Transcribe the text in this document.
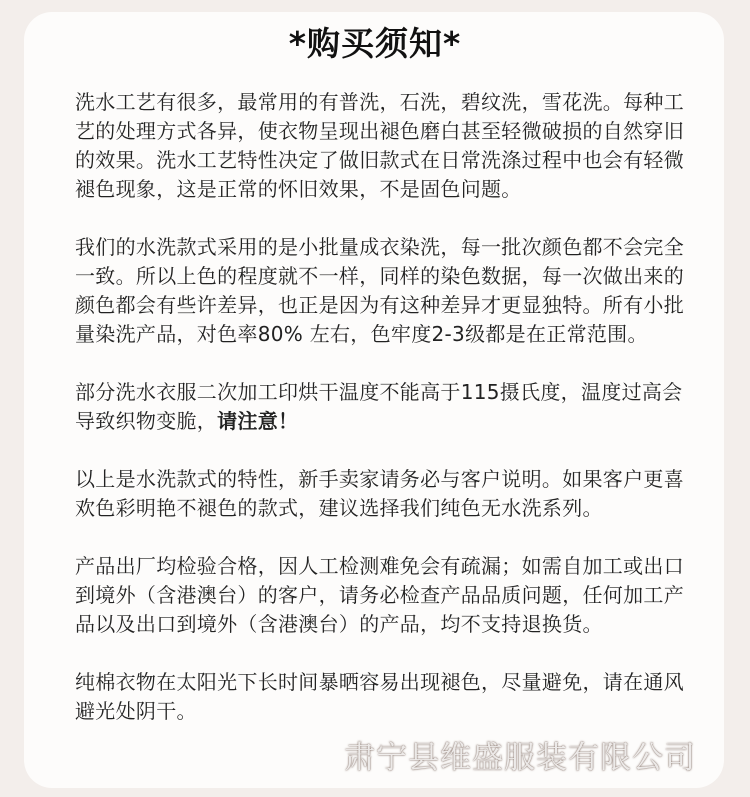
*购买须知*

洗水工艺有很多，最常用的有普洗，石洗，碧纹洗，雪花洗。每种工艺的处理方式各异，使衣物呈现出褪色磨白甚至轻微破损的自然穿旧的效果。洗水工艺特性决定了做旧款式在日常洗涤过程中也会有轻微褪色现象，这是正常的怀旧效果，不是固色问题。

我们的水洗款式采用的是小批量成衣染洗，每一批次颜色都不会完全一致。所以上色的程度就不一样，同样的染色数据，每一次做出来的颜色都会有些许差异，也正是因为有这种差异才更显独特。所有小批量染洗产品，对色率80% 左右，色牢度2-3级都是在正常范围。

部分洗水衣服二次加工印烘干温度不能高于115摄氏度，温度过高会导致织物变脆，请注意！

以上是水洗款式的特性，新手卖家请务必与客户说明。如果客户更喜欢色彩明艳不褪色的款式，建议选择我们纯色无水洗系列。

产品出厂均检验合格，因人工检测难免会有疏漏；如需自加工或出口到境外（含港澳台）的客户，请务必检查产品品质问题，任何加工产品以及出口到境外（含港澳台）的产品，均不支持退换货。

纯棉衣物在太阳光下长时间暴晒容易出现褪色，尽量避免，请在通风避光处阴干。

肃宁县维盛服装有限公司
